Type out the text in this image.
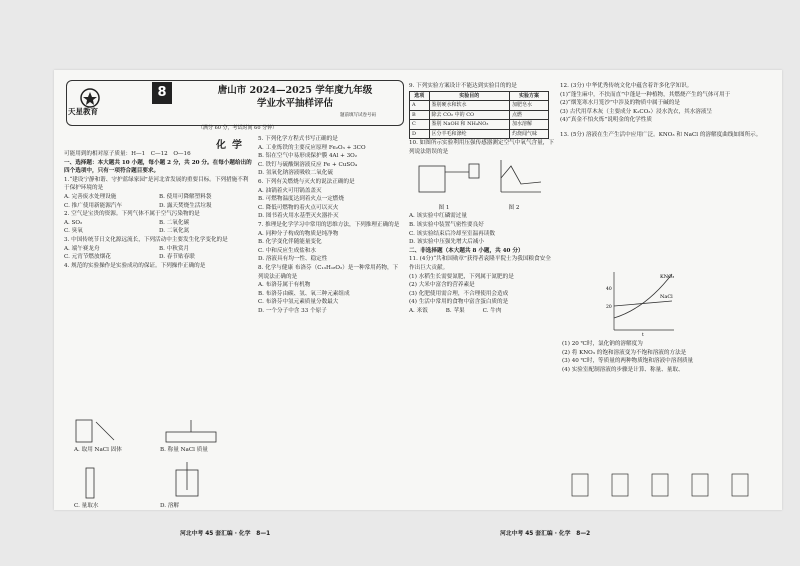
天星教育
8	唐山市 2024—2025 学年度九年级
学业水平抽样评估
题前填写试卷号码
化学
（满分 60 分，考试时间 60 分钟）
可能用到的相对原子质量：H—1　C—12　O—16
一、选择题：本大题共 10 小题，每小题 2 分，共 20 分。在每小题给出的四个选项中，只有一项符合题目要求。
1.“建设宁静和谐、守护蓝绿家园”是河北省发展的重要目标。下列措施不利于保护环境的是
A. 完善废水处理设施	B. 使用可降解塑料袋
C. 推广使用新能源汽车	D. 露天焚烧生活垃圾
2. 空气是宝贵的资源。下列气体不属于空气污染物的是
A. SO₂	B. 二氧化碳
C. 臭氧	D. 二氧化氮
3. 中国传统节日文化源远流长，下列活动中主要发生化学变化的是
A. 端午赛龙舟	B. 中秋赏月
C. 元宵节燃放烟花	D. 春节贴春联
4. 规范的实验操作是实验成功的保证。下列操作正确的是
A. 取用 NaCl 固体	B. 称量 NaCl 质量
C. 量取水	D. 溶解
5. 下列化学方程式书写正确的是
A. 工业炼铁的主要反应原理 Fe₂O₃ + 3CO
B. 铝在空气中易形成保护膜 4Al + 3O₂
C. 铁钉与硫酸铜溶液反应 Fe + CuSO₄
D. 氢氧化钠溶液吸收二氧化硫
6. 下列有关燃烧与灭火的说法正确的是
A. 油锅着火可用锅盖盖灭
B. 可燃物温度达到着火点一定燃烧
C. 降低可燃物的着火点可以灭火
D. 图书着火用水基型灭火器扑灭
7. 推理是化学学习中常用的思维方法，下列推理正确的是
A. 同种分子构成的物质是纯净物
B. 化学变化伴随能量变化
C. 中和反应生成盐和水
D. 溶液具有均一性、稳定性
8. 化学与健康 布洛芬（C₁₃H₁₈O₂）是一种常用药物，下列说法正确的是
A. 布洛芬属于有机物
B. 布洛芬由碳、氢、氧三种元素组成
C. 布洛芬中氢元素质量分数最大
D. 一个分子中含 33 个原子
9. 下列实验方案设计不能达到实验目的的是
选项	实验目的	实验方案
A	鉴别硬水和软水	加肥皂水
B	除去 CO₂ 中的 CO	点燃
C	鉴别 NaOH 和 NH₄NO₃	加水溶解
D	区分羊毛和涤纶	灼烧闻气味
10. 如图所示实验利用压强传感器测定空气中氧气含量，下列说法错误的是
图 1	图 2
A. 该实验中红磷需过量
B. 该实验中装置气密性要良好
C. 该实验结束后冷却至室温再读数
D. 该实验中压强先增大后减小
二、非选择题（本大题共 8 小题，共 40 分）
11. (4分)“共和国勋章”获得者袁隆平院士为我国粮食安全作出巨大贡献。
(1) 水稻生长需要氮肥，下列属于氮肥的是
(2) 大米中富含的营养素是
(3) 化肥使用需合理，不合理使用会造成
(4) 生活中常用的食物中富含蛋白质的是
A. 米饭	B. 苹果	C. 牛肉
12. (3分) 中华优秀传统文化中蕴含着许多化学知识。
(1)“蓬生麻中，不扶而直”中蓬是一种植物，其燃烧产生的气体可用于
(2)“烟笼寒水月笼沙”中涉及的物质中属于碱的是
(3) 古代用草木灰（主要成分 K₂CO₃）浸水洗衣，其水溶液呈
(4)“真金不怕火炼”说明金的化学性质
13. (5分) 溶液在生产生活中应用广泛。KNO₃ 和 NaCl 的溶解度曲线如图所示。
KNO₃
NaCl
40
20
t
(1) 20 ℃时，氯化钠的溶解度为
(2) 将 KNO₃ 的饱和溶液变为不饱和溶液的方法是
(3) 40 ℃时，等质量的两种物质饱和溶液中溶剂质量
(4) 实验室配制溶液的步骤是计算、称量、量取、
河北中考 45 套汇编 · 化学　8—1	河北中考 45 套汇编 · 化学　8—2
